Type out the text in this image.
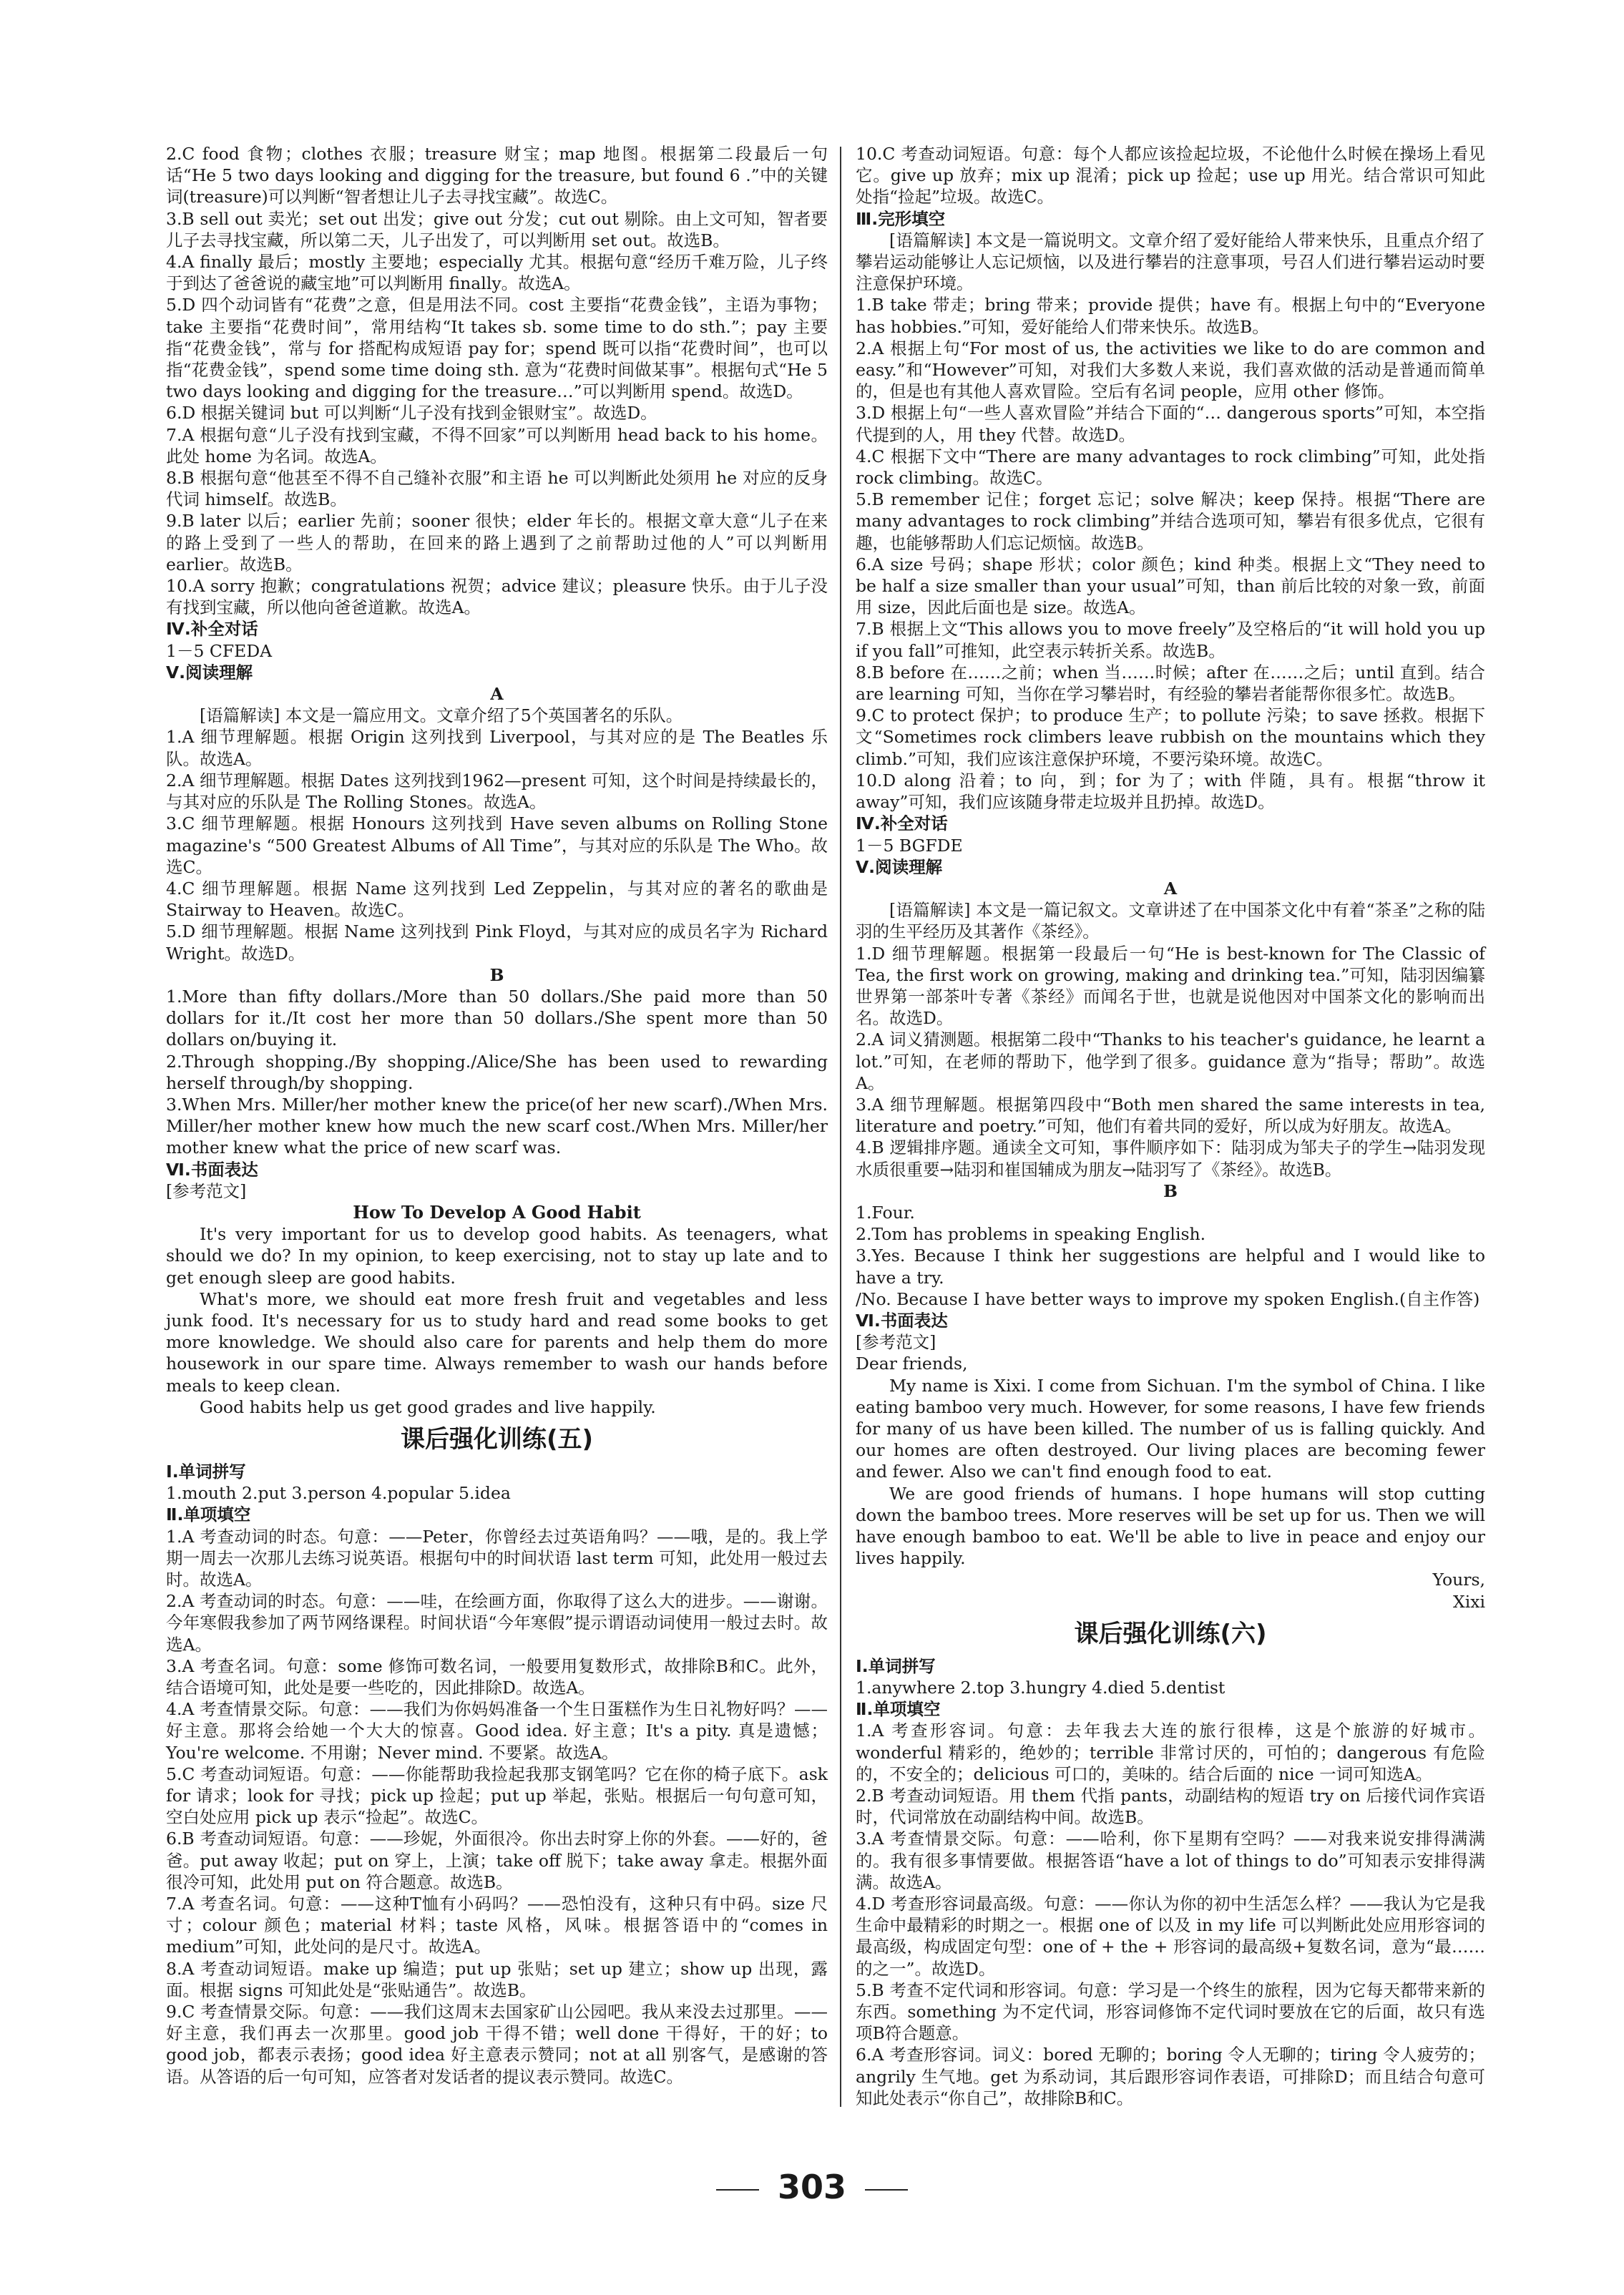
2.C food 食物；clothes 衣服；treasure 财宝；map 地图。根据第二段最后一句话“He 5 two days looking and digging for the treasure, but found 6 .”中的关键词(treasure)可以判断“智者想让儿子去寻找宝藏”。故选C。

3.B sell out 卖光；set out 出发；give out 分发；cut out 剔除。由上文可知，智者要儿子去寻找宝藏，所以第二天，儿子出发了，可以判断用 set out。故选B。

4.A finally 最后；mostly 主要地；especially 尤其。根据句意“经历千难万险，儿子终于到达了爸爸说的藏宝地”可以判断用 finally。故选A。

5.D 四个动词皆有“花费”之意，但是用法不同。cost 主要指“花费金钱”，主语为事物；take 主要指“花费时间”，常用结构“It takes sb. some time to do sth.”；pay 主要指“花费金钱”，常与 for 搭配构成短语 pay for；spend 既可以指“花费时间”，也可以指“花费金钱”，spend some time doing sth. 意为“花费时间做某事”。根据句式“He 5 two days looking and digging for the treasure…”可以判断用 spend。故选D。

6.D 根据关键词 but 可以判断“儿子没有找到金银财宝”。故选D。

7.A 根据句意“儿子没有找到宝藏，不得不回家”可以判断用 head back to his home。此处 home 为名词。故选A。

8.B 根据句意“他甚至不得不自己缝补衣服”和主语 he 可以判断此处须用 he 对应的反身代词 himself。故选B。

9.B later 以后；earlier 先前；sooner 很快；elder 年长的。根据文章大意“儿子在来的路上受到了一些人的帮助，在回来的路上遇到了之前帮助过他的人”可以判断用 earlier。故选B。

10.A sorry 抱歉；congratulations 祝贺；advice 建议；pleasure 快乐。由于儿子没有找到宝藏，所以他向爸爸道歉。故选A。

Ⅳ.补全对话

1－5 CFEDA

Ⅴ.阅读理解

A

[语篇解读] 本文是一篇应用文。文章介绍了5个英国著名的乐队。

1.A 细节理解题。根据 Origin 这列找到 Liverpool，与其对应的是 The Beatles 乐队。故选A。

2.A 细节理解题。根据 Dates 这列找到1962—present 可知，这个时间是持续最长的，与其对应的乐队是 The Rolling Stones。故选A。

3.C 细节理解题。根据 Honours 这列找到 Have seven albums on Rolling Stone magazine's “500 Greatest Albums of All Time”，与其对应的乐队是 The Who。故选C。

4.C 细节理解题。根据 Name 这列找到 Led Zeppelin，与其对应的著名的歌曲是 Stairway to Heaven。故选C。

5.D 细节理解题。根据 Name 这列找到 Pink Floyd，与其对应的成员名字为 Richard Wright。故选D。

B

1.More than fifty dollars./More than 50 dollars./She paid more than 50 dollars for it./It cost her more than 50 dollars./She spent more than 50 dollars on/buying it.

2.Through shopping./By shopping./Alice/She has been used to rewarding herself through/by shopping.

3.When Mrs. Miller/her mother knew the price(of her new scarf)./When Mrs. Miller/her mother knew how much the new scarf cost./When Mrs. Miller/her mother knew what the price of new scarf was.

Ⅵ.书面表达

[参考范文]

How To Develop A Good Habit

It's very important for us to develop good habits. As teenagers, what should we do? In my opinion, to keep exercising, not to stay up late and to get enough sleep are good habits.

What's more, we should eat more fresh fruit and vegetables and less junk food. It's necessary for us to study hard and read some books to get more knowledge. We should also care for parents and help them do more housework in our spare time. Always remember to wash our hands before meals to keep clean.

Good habits help us get good grades and live happily.

课后强化训练(五)

Ⅰ.单词拼写

1.mouth 2.put 3.person 4.popular 5.idea

Ⅱ.单项填空

1.A 考查动词的时态。句意：——Peter，你曾经去过英语角吗？——哦，是的。我上学期一周去一次那儿去练习说英语。根据句中的时间状语 last term 可知，此处用一般过去时。故选A。

2.A 考查动词的时态。句意：——哇，在绘画方面，你取得了这么大的进步。——谢谢。今年寒假我参加了两节网络课程。时间状语“今年寒假”提示谓语动词使用一般过去时。故选A。

3.A 考查名词。句意：some 修饰可数名词，一般要用复数形式，故排除B和C。此外，结合语境可知，此处是要一些吃的，因此排除D。故选A。

4.A 考查情景交际。句意：——我们为你妈妈准备一个生日蛋糕作为生日礼物好吗？——好主意。那将会给她一个大大的惊喜。Good idea. 好主意；It's a pity. 真是遗憾；You're welcome. 不用谢；Never mind. 不要紧。故选A。

5.C 考查动词短语。句意：——你能帮助我捡起我那支钢笔吗？它在你的椅子底下。ask for 请求；look for 寻找；pick up 捡起；put up 举起，张贴。根据后一句句意可知，空白处应用 pick up 表示“捡起”。故选C。

6.B 考查动词短语。句意：——珍妮，外面很冷。你出去时穿上你的外套。——好的，爸爸。put away 收起；put on 穿上，上演；take off 脱下；take away 拿走。根据外面很冷可知，此处用 put on 符合题意。故选B。

7.A 考查名词。句意：——这种T恤有小码吗？——恐怕没有，这种只有中码。size 尺寸；colour 颜色；material 材料；taste 风格，风味。根据答语中的“comes in medium”可知，此处问的是尺寸。故选A。

8.A 考查动词短语。make up 编造；put up 张贴；set up 建立；show up 出现，露面。根据 signs 可知此处是“张贴通告”。故选B。

9.C 考查情景交际。句意：——我们这周末去国家矿山公园吧。我从来没去过那里。——好主意，我们再去一次那里。good job 干得不错；well done 干得好，干的好；to good job，都表示表扬；good idea 好主意表示赞同；not at all 别客气，是感谢的答语。从答语的后一句可知，应答者对发话者的提议表示赞同。故选C。

10.C 考查动词短语。句意：每个人都应该捡起垃圾，不论他什么时候在操场上看见它。give up 放弃；mix up 混淆；pick up 捡起；use up 用光。结合常识可知此处指“捡起”垃圾。故选C。

Ⅲ.完形填空

[语篇解读] 本文是一篇说明文。文章介绍了爱好能给人带来快乐，且重点介绍了攀岩运动能够让人忘记烦恼，以及进行攀岩的注意事项，号召人们进行攀岩运动时要注意保护环境。

1.B take 带走；bring 带来；provide 提供；have 有。根据上句中的“Everyone has hobbies.”可知，爱好能给人们带来快乐。故选B。

2.A 根据上句“For most of us, the activities we like to do are common and easy.”和“However”可知，对我们大多数人来说，我们喜欢做的活动是普通而简单的，但是也有其他人喜欢冒险。空后有名词 people，应用 other 修饰。

3.D 根据上句“一些人喜欢冒险”并结合下面的“… dangerous sports”可知，本空指代提到的人，用 they 代替。故选D。

4.C 根据下文中“There are many advantages to rock climbing”可知，此处指 rock climbing。故选C。

5.B remember 记住；forget 忘记；solve 解决；keep 保持。根据“There are many advantages to rock climbing”并结合选项可知，攀岩有很多优点，它很有趣，也能够帮助人们忘记烦恼。故选B。

6.A size 号码；shape 形状；color 颜色；kind 种类。根据上文“They need to be half a size smaller than your usual”可知，than 前后比较的对象一致，前面用 size，因此后面也是 size。故选A。

7.B 根据上文“This allows you to move freely”及空格后的“it will hold you up if you fall”可推知，此空表示转折关系。故选B。

8.B before 在……之前；when 当……时候；after 在……之后；until 直到。结合 are learning 可知，当你在学习攀岩时，有经验的攀岩者能帮你很多忙。故选B。

9.C to protect 保护；to produce 生产；to pollute 污染；to save 拯救。根据下文“Sometimes rock climbers leave rubbish on the mountains which they climb.”可知，我们应该注意保护环境，不要污染环境。故选C。

10.D along 沿着；to 向，到；for 为了；with 伴随，具有。根据“throw it away”可知，我们应该随身带走垃圾并且扔掉。故选D。

Ⅳ.补全对话

1－5 BGFDE

Ⅴ.阅读理解

A

[语篇解读] 本文是一篇记叙文。文章讲述了在中国茶文化中有着“茶圣”之称的陆羽的生平经历及其著作《茶经》。

1.D 细节理解题。根据第一段最后一句“He is best-known for The Classic of Tea, the first work on growing, making and drinking tea.”可知，陆羽因编纂世界第一部茶叶专著《茶经》而闻名于世，也就是说他因对中国茶文化的影响而出名。故选D。

2.A 词义猜测题。根据第二段中“Thanks to his teacher's guidance, he learnt a lot.”可知，在老师的帮助下，他学到了很多。guidance 意为“指导；帮助”。故选A。

3.A 细节理解题。根据第四段中“Both men shared the same interests in tea, literature and poetry.”可知，他们有着共同的爱好，所以成为好朋友。故选A。

4.B 逻辑排序题。通读全文可知，事件顺序如下：陆羽成为邹夫子的学生→陆羽发现水质很重要→陆羽和崔国辅成为朋友→陆羽写了《茶经》。故选B。

B

1.Four.

2.Tom has problems in speaking English.

3.Yes. Because I think her suggestions are helpful and I would like to have a try.

/No. Because I have better ways to improve my spoken English.(自主作答)

Ⅵ.书面表达

[参考范文]

Dear friends,

My name is Xixi. I come from Sichuan. I'm the symbol of China. I like eating bamboo very much. However, for some reasons, I have few friends for many of us have been killed. The number of us is falling quickly. And our homes are often destroyed. Our living places are becoming fewer and fewer. Also we can't find enough food to eat.

We are good friends of humans. I hope humans will stop cutting down the bamboo trees. More reserves will be set up for us. Then we will have enough bamboo to eat. We'll be able to live in peace and enjoy our lives happily.

Yours,

Xixi

课后强化训练(六)

Ⅰ.单词拼写

1.anywhere 2.top 3.hungry 4.died 5.dentist

Ⅱ.单项填空

1.A 考查形容词。句意：去年我去大连的旅行很棒，这是个旅游的好城市。wonderful 精彩的，绝妙的；terrible 非常讨厌的，可怕的；dangerous 有危险的，不安全的；delicious 可口的，美味的。结合后面的 nice 一词可知选A。

2.B 考查动词短语。用 them 代指 pants，动副结构的短语 try on 后接代词作宾语时，代词常放在动副结构中间。故选B。

3.A 考查情景交际。句意：——哈利，你下星期有空吗？——对我来说安排得满满的。我有很多事情要做。根据答语“have a lot of things to do”可知表示安排得满满。故选A。

4.D 考查形容词最高级。句意：——你认为你的初中生活怎么样？——我认为它是我生命中最精彩的时期之一。根据 one of 以及 in my life 可以判断此处应用形容词的最高级，构成固定句型：one of + the + 形容词的最高级+复数名词，意为“最……的之一”。故选D。

5.B 考查不定代词和形容词。句意：学习是一个终生的旅程，因为它每天都带来新的东西。something 为不定代词，形容词修饰不定代词时要放在它的后面，故只有选项B符合题意。

6.A 考查形容词。词义：bored 无聊的；boring 令人无聊的；tiring 令人疲劳的；angrily 生气地。get 为系动词，其后跟形容词作表语，可排除D；而且结合句意可知此处表示“你自己”，故排除B和C。

303
